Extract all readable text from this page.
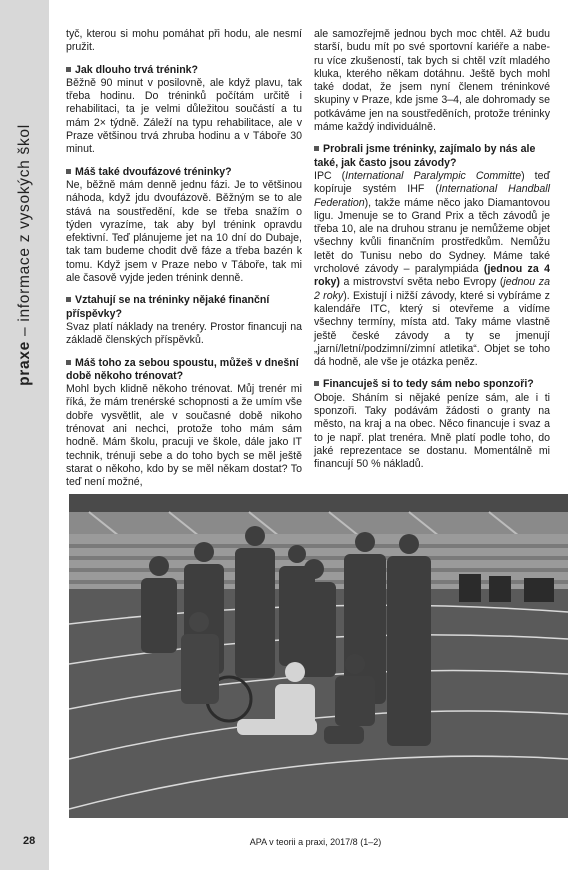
praxe – informace z vysokých škol

tyč, kterou si mohu pomáhat při hodu, ale nesmí pružit.

Jak dlouho trvá trénink?

Běžně 90 minut v posilovně, ale když plavu, tak třeba hodinu. Do tréninků počítám určitě i rehabilitaci, ta je velmi důležitou součástí a tu mám 2× týdně. Záleží na typu rehabilitace, ale v Praze většinou trvá zhruba hodinu a v Táboře 30 minut.

Máš také dvoufázové tréninky?

Ne, běžně mám denně jednu fázi. Je to většinou náhoda, když jdu dvoufázově. Běžným se to ale stává na soustředění, kde se třeba snažím o týden vyrazíme, tak aby byl trénink opravdu efektivní. Teď plánujeme jet na 10 dní do Dubaje, tak tam budeme chodit dvě fáze a třeba bazén k tomu. Když jsem v Praze nebo v Táboře, tak mi ale časově vyjde jeden trénink denně.

Vztahují se na tréninky nějaké finanční příspěvky?

Svaz platí náklady na trenéry. Prostor financuji na základě členských příspěvků.

Máš toho za sebou spoustu, můžeš v dnešní době někoho trénovat?

Mohl bych klidně někoho trénovat. Můj trenér mi říká, že mám trenérské schopnosti a že umím vše dobře vysvětlit, ale v současné době nikoho trénovat ani nechci, protože toho mám sám hodně. Mám školu, pracuji ve škole, dále jako IT technik, trénuji sebe a do toho bych se měl ještě starat o někoho, kdo by se měl někam dostat? To teď není možné,

ale samozřejmě jednou bych moc chtěl. Až budu starší, budu mít po své sportovní kariéře a nabe-ru více zkušeností, tak bych si chtěl vzít mladého kluka, kterého někam dotáhnu. Ještě bych mohl také dodat, že jsem nyní členem tréninkové skupiny v Praze, kde jsme 3–4, ale dohromady se potkáváme jen na soustředěních, protože tréninky máme každý individuálně.

Probrali jsme tréninky, zajímalo by nás ale také, jak často jsou závody?

IPC (International Paralympic Committe) teď kopíruje systém IHF (International Handball Federation), takže máme něco jako Diamantovou ligu. Jmenuje se to Grand Prix a těch závodů je třeba 10, ale na druhou stranu je nemůžeme objet všechny kvůli finančním prostředkům. Nemůžu letět do Tunisu nebo do Sydney. Máme také vrcholové závody – paralympiáda (jednou za 4 roky) a mistrovství světa nebo Evropy (jednou za 2 roky). Existují i nižší závody, které si vybíráme z kalendáře ITC, který si otevřeme a vidíme všechny termíny, místa atd. Taky máme vlastně ještě české závody a ty se jmenují „jarní/letní/podzimní/zimní atletika“. Objet se toho dá hodně, ale vše je otázka peněz.

Financuješ si to tedy sám nebo sponzoři?

Oboje. Sháním si nějaké peníze sám, ale i ti sponzoři. Taky podávám žádosti o granty na město, na kraj a na obec. Něco financuje i svaz a to je např. plat trenéra. Mně platí podle toho, do jaké reprezentace se dostanu. Momentálně mi financují 50 % nákladů.

28	APA v teorii a praxi, 2017/8 (1–2)
